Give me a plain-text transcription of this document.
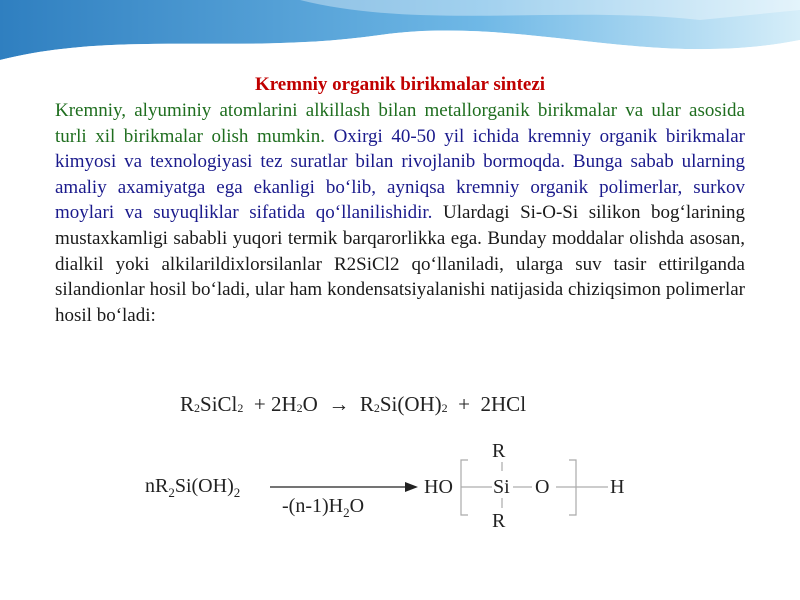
Kremniy organik birikmalar sintezi
Kremniy, alyuminiy atomlarini alkillash bilan metallorganik birikmalar va ular asosida turli xil birikmalar olish mumkin. Oxirgi 40-50 yil ichida kremniy organik birikmalar kimyosi va texnologiyasi tez suratlar bilan rivojlanib bormoqda. Bunga sabab ularning amaliy axamiyatga ega ekanligi bo‘lib, ayniqsa kremniy organik polimerlar, surkov moylari va suyuqliklar sifatida qo‘llanilishidir. Ulardagi Si-O-Si silikon bog‘larining mustaxkamligi sababli yuqori termik barqarorlikka ega. Bunday moddalar olishda asosan, dialkil yoki alkilarildixlorsilanlar R2SiCl2 qo‘llaniladi, ularga suv tasir ettirilganda silandionlar hosil bo‘ladi, ular ham kondensatsiyalanishi natijasida chiziqsimon polimerlar hosil bo‘ladi:
$R_2SiCl_2 + 2H_2O \to R_2Si(OH)_2 + 2HCl$
$nR_2Si(OH)_2$
$-(n-1)H_2O$
HO Si O	H
R
R
